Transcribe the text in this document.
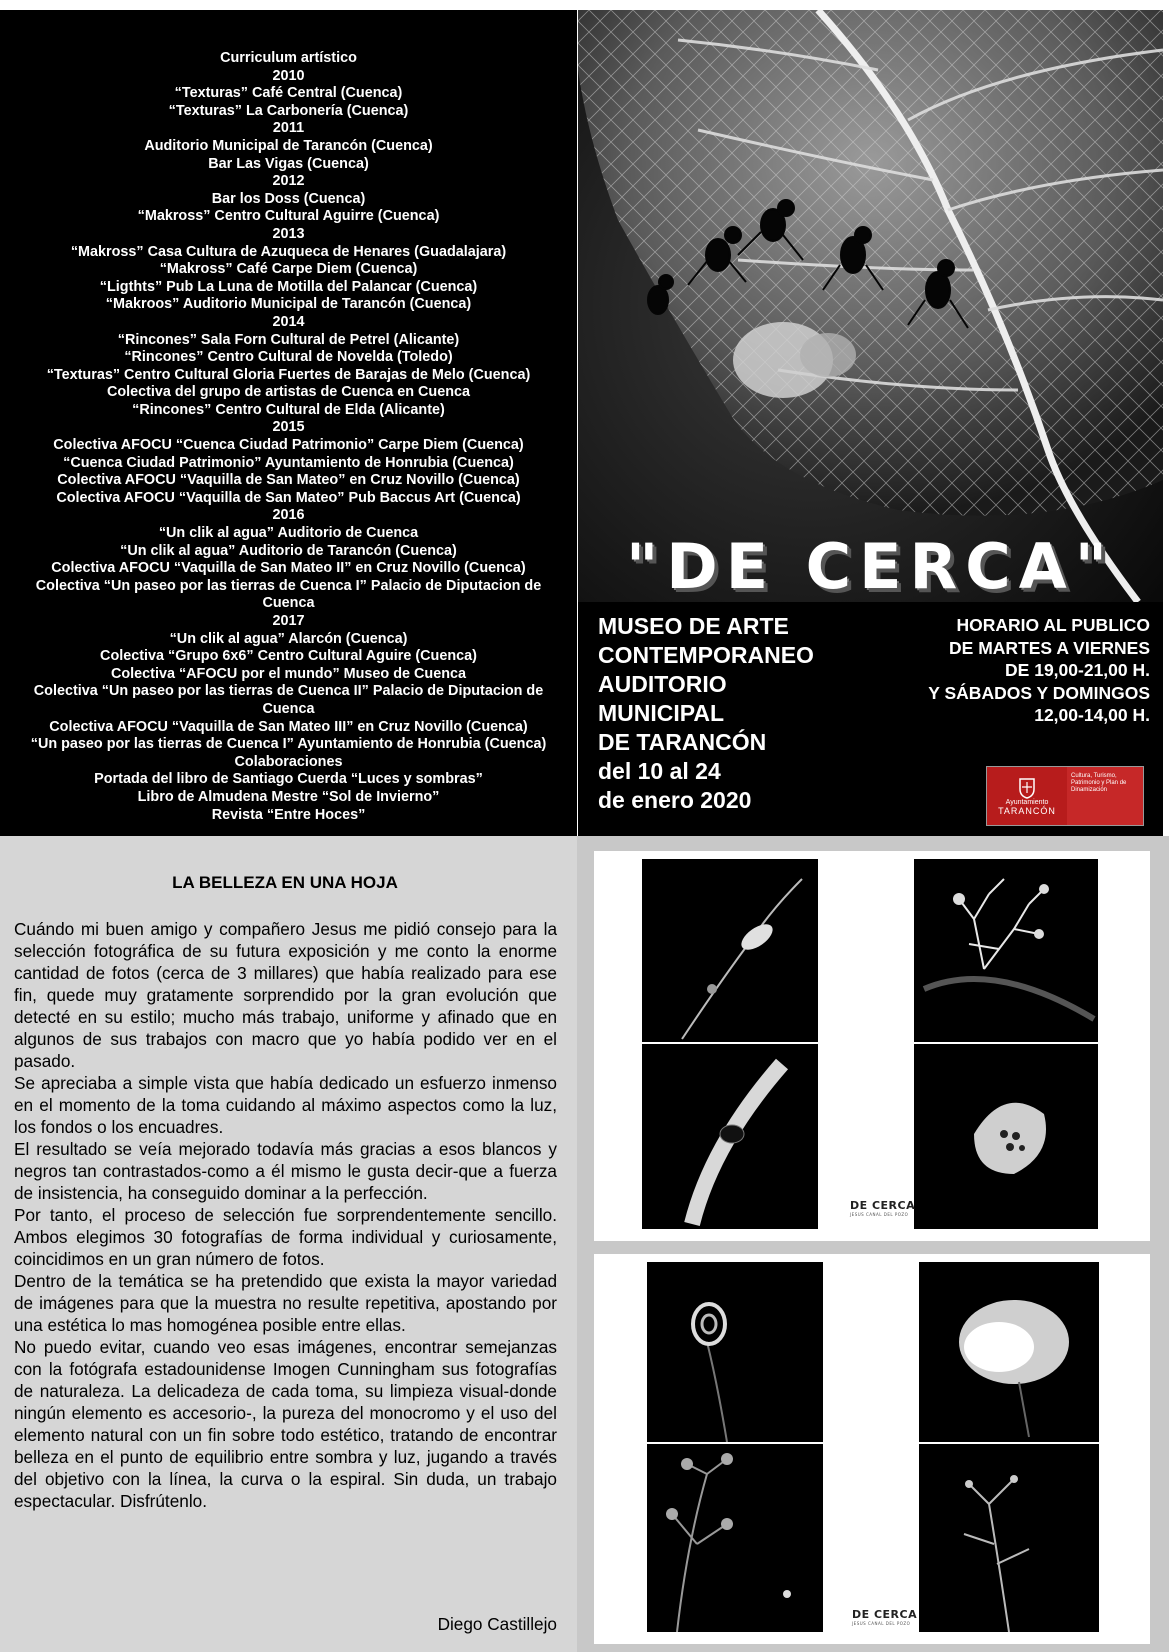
Curriculum artístico
2010
“Texturas” Café Central (Cuenca)
“Texturas” La Carbonería (Cuenca)
2011
Auditorio Municipal de Tarancón (Cuenca)
Bar Las Vigas (Cuenca)
2012
Bar los Doss (Cuenca)
“Makross” Centro Cultural Aguirre (Cuenca)
2013
“Makross” Casa Cultura de Azuqueca de Henares (Guadalajara)
“Makross” Café Carpe Diem (Cuenca)
“Ligthts” Pub La Luna de Motilla del Palancar (Cuenca)
“Makroos” Auditorio Municipal de Tarancón (Cuenca)
2014
“Rincones” Sala Forn Cultural de Petrel (Alicante)
“Rincones” Centro Cultural de Novelda (Toledo)
“Texturas” Centro Cultural Gloria Fuertes de Barajas de Melo (Cuenca)
Colectiva del grupo de artistas de Cuenca en Cuenca
“Rincones” Centro Cultural de Elda (Alicante)
2015
Colectiva AFOCU “Cuenca Ciudad Patrimonio” Carpe Diem (Cuenca)
“Cuenca Ciudad Patrimonio” Ayuntamiento de Honrubia (Cuenca)
Colectiva AFOCU “Vaquilla de San Mateo” en Cruz Novillo (Cuenca)
Colectiva AFOCU “Vaquilla de San Mateo” Pub Baccus Art (Cuenca)
2016
“Un clik al agua” Auditorio de Cuenca
“Un clik al agua” Auditorio de Tarancón (Cuenca)
Colectiva AFOCU “Vaquilla de San Mateo II” en Cruz Novillo (Cuenca)
Colectiva “Un paseo por las tierras de Cuenca I” Palacio de Diputacion de Cuenca
2017
“Un clik al agua” Alarcón (Cuenca)
Colectiva “Grupo 6x6” Centro Cultural Aguire (Cuenca)
Colectiva “AFOCU por el mundo” Museo de Cuenca
Colectiva “Un paseo por las tierras de Cuenca II” Palacio de Diputacion de Cuenca
Colectiva AFOCU “Vaquilla de San Mateo III” en Cruz Novillo (Cuenca)
“Un paseo por las tierras de Cuenca I” Ayuntamiento de Honrubia (Cuenca)
Colaboraciones
Portada del libro de Santiago Cuerda “Luces y sombras”
Libro de Almudena Mestre “Sol de Invierno”
Revista “Entre Hoces”
"DE CERCA"
MUSEO DE ARTE
CONTEMPORANEO
AUDITORIO
MUNICIPAL
DE TARANCÓN
del 10 al 24
de enero 2020
HORARIO AL PUBLICO
DE MARTES A VIERNES
DE 19,00-21,00 H.
Y SÁBADOS Y DOMINGOS
12,00-14,00 H.
Ayuntamiento
TARANCÓN
Cultura, Turismo, Patrimonio y Plan de Dinamización
LA BELLEZA EN UNA HOJA

Cuándo mi buen amigo y compañero Jesus me pidió consejo para la selección fotográfica de su futura exposición y me conto la enorme cantidad de fotos (cerca de 3 millares) que había realizado para ese fin, quede muy gratamente sorprendido por la gran evolución que detecté en su estilo; mucho más trabajo, uniforme y afinado que en algunos de sus trabajos con macro que yo había podido ver en el pasado.

Se apreciaba a simple vista que había dedicado un esfuerzo inmenso en el momento de la toma cuidando al máximo aspectos como la luz, los fondos o los encuadres.

El resultado se veía mejorado todavía más gracias a esos blancos y negros tan contrastados-como a él mismo le gusta decir-que a fuerza de insistencia, ha conseguido dominar a la perfección.

Por tanto, el proceso de selección fue sorprendentemente sencillo. Ambos elegimos 30 fotografías de forma individual y curiosamente, coincidimos en un gran número de fotos.

Dentro de la temática se ha pretendido que exista la mayor variedad de imágenes para que la muestra no resulte repetitiva, apostando por una estética lo mas homogénea posible entre ellas.

No puedo evitar, cuando veo esas imágenes, encontrar semejanzas con la fotógrafa estadounidense Imogen Cunningham sus fotografías de naturaleza. La delicadeza de cada toma, su limpieza visual-donde ningún elemento es accesorio-, la pureza del monocromo y el uso del elemento natural con un fin sobre todo estético, tratando de encontrar belleza en el punto de equilibrio entre sombra y luz, jugando a través del objetivo con la línea, la curva o la espiral. Sin duda, un trabajo espectacular. Disfrútenlo.

Diego Castillejo
DE CERCA
JESUS CANAL DEL POZO
DE CERCA
JESUS CANAL DEL POZO
